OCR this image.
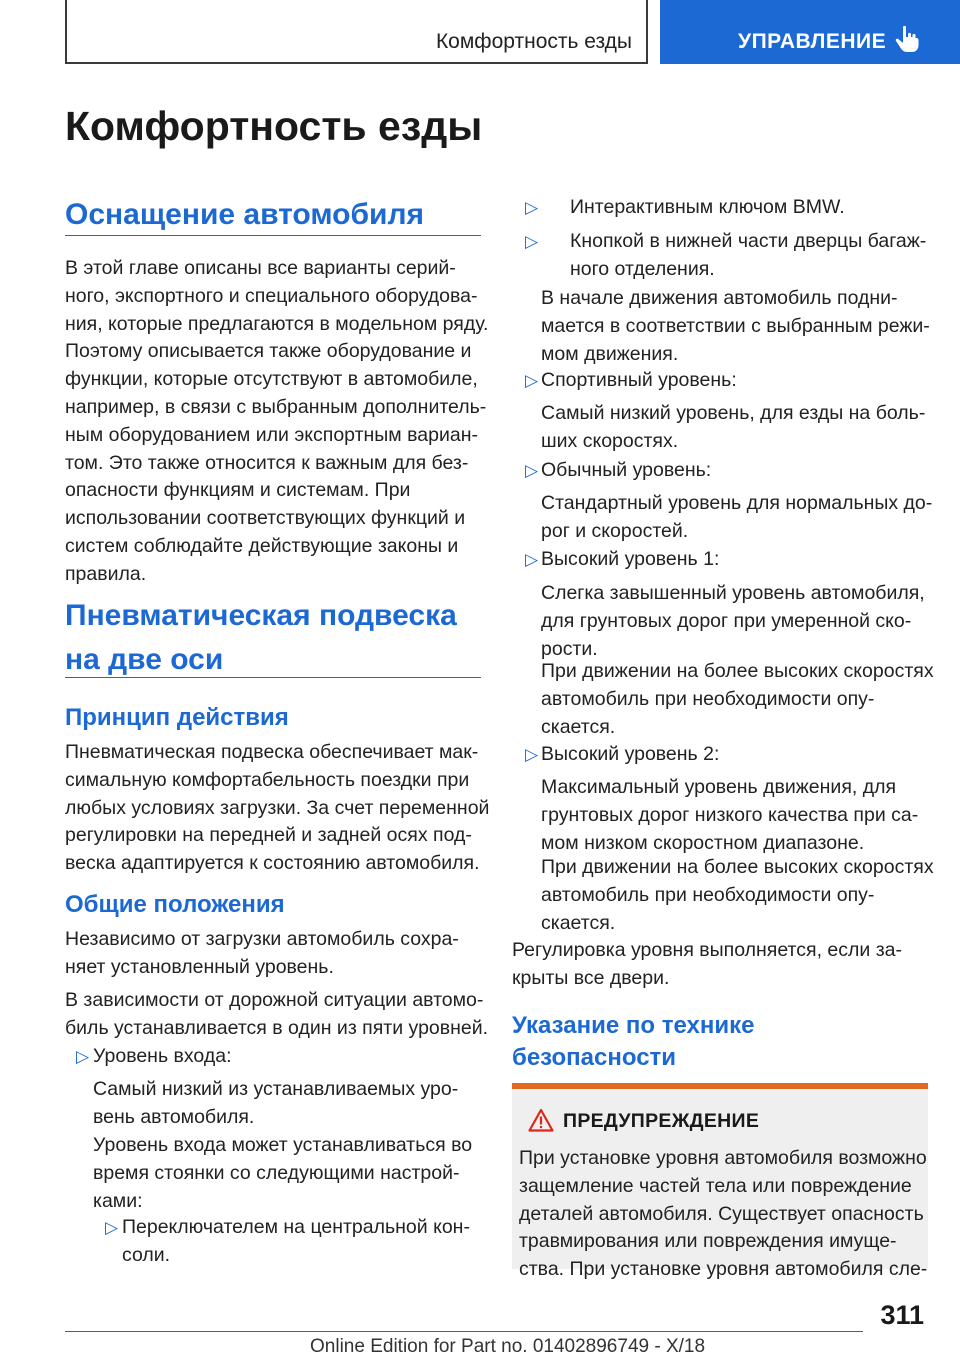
Комфортность езды	УПРАВЛЕНИЕ
Комфортность езды
Оснащение автомобиля
В этой главе описаны все варианты серий-
ного, экспортного и специального оборудова-
ния, которые предлагаются в модельном ряду.
Поэтому описывается также оборудование и
функции, которые отсутствуют в автомобиле,
например, в связи с выбранным дополнитель-
ным оборудованием или экспортным вариан-
том. Это также относится к важным для без-
опасности функциям и системам. При
использовании соответствующих функций и
систем соблюдайте действующие законы и
правила.
Пневматическая подвеска
на две оси
Принцип действия
Пневматическая подвеска обеспечивает мак-
симальную комфортабельность поездки при
любых условиях загрузки. За счет переменной
регулировки на передней и задней осях под-
веска адаптируется к состоянию автомобиля.
Общие положения
Независимо от загрузки автомобиль сохра-
няет установленный уровень.
В зависимости от дорожной ситуации автомо-
биль устанавливается в один из пяти уровней.
▷ Уровень входа:
Самый низкий из устанавливаемых уро-
вень автомобиля.
Уровень входа может устанавливаться во
время стоянки со следующими настрой-
ками:
▷ Переключателем на центральной кон-
соли.
▷ Интерактивным ключом BMW.
▷ Кнопкой в нижней части дверцы багаж-
ного отделения.
В начале движения автомобиль подни-
мается в соответствии с выбранным режи-
мом движения.
▷ Спортивный уровень:
Самый низкий уровень, для езды на боль-
ших скоростях.
▷ Обычный уровень:
Стандартный уровень для нормальных до-
рог и скоростей.
▷ Высокий уровень 1:
Слегка завышенный уровень автомобиля,
для грунтовых дорог при умеренной ско-
рости.
При движении на более высоких скоростях
автомобиль при необходимости опу-
скается.
▷ Высокий уровень 2:
Максимальный уровень движения, для
грунтовых дорог низкого качества при са-
мом низком скоростном диапазоне.
При движении на более высоких скоростях
автомобиль при необходимости опу-
скается.
Регулировка уровня выполняется, если за-
крыты все двери.
Указание по технике
безопасности
ПРЕДУПРЕЖДЕНИЕ
При установке уровня автомобиля возможно
защемление частей тела или повреждение
деталей автомобиля. Существует опасность
травмирования или повреждения имуще-
ства. При установке уровня автомобиля сле-
311
Online Edition for Part no. 01402896749 - X/18
